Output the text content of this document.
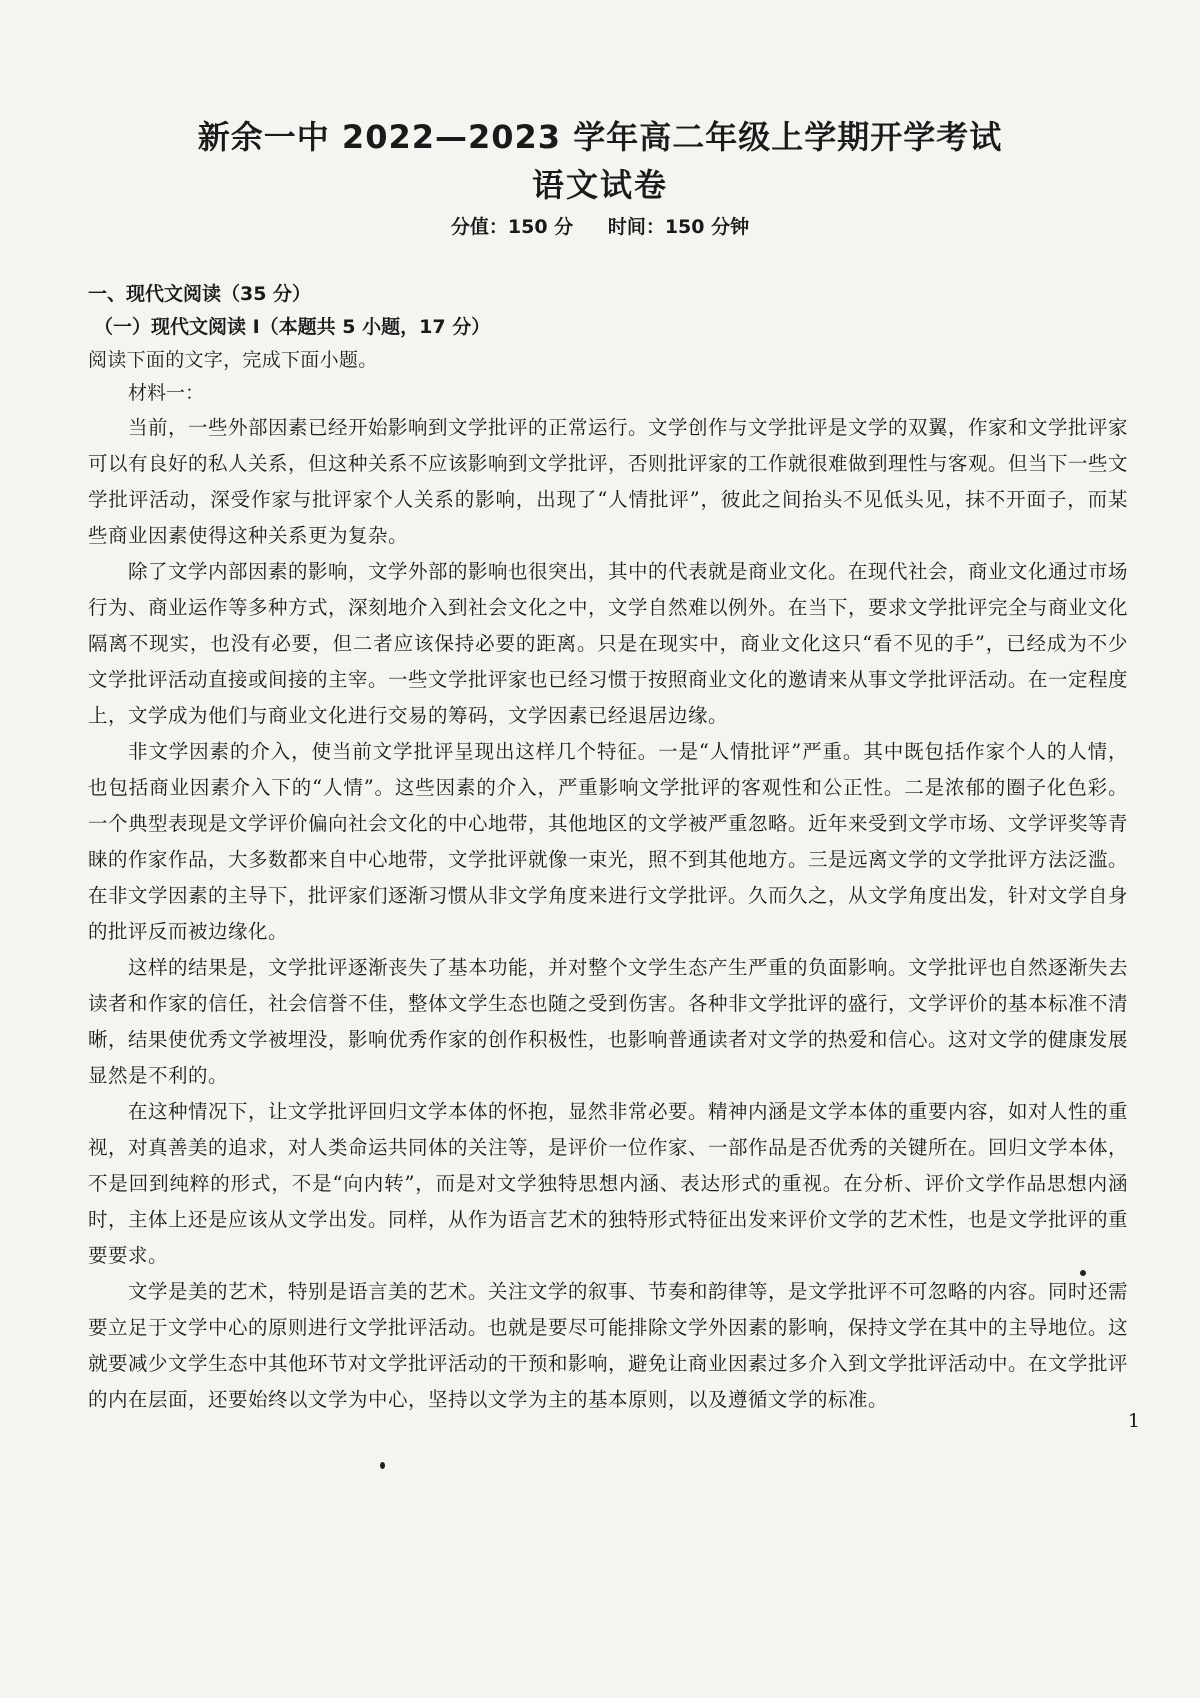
新余一中 2022—2023 学年高二年级上学期开学考试
语文试卷
分值：150 分 时间：150 分钟

一、现代文阅读（35 分）

（一）现代文阅读 I（本题共 5 小题，17 分）

阅读下面的文字，完成下面小题。

材料一：

当前，一些外部因素已经开始影响到文学批评的正常运行。文学创作与文学批评是文学的双翼，作家和文学批评家可以有良好的私人关系，但这种关系不应该影响到文学批评，否则批评家的工作就很难做到理性与客观。但当下一些文学批评活动，深受作家与批评家个人关系的影响，出现了“人情批评”，彼此之间抬头不见低头见，抹不开面子，而某些商业因素使得这种关系更为复杂。

除了文学内部因素的影响，文学外部的影响也很突出，其中的代表就是商业文化。在现代社会，商业文化通过市场行为、商业运作等多种方式，深刻地介入到社会文化之中，文学自然难以例外。在当下，要求文学批评完全与商业文化隔离不现实，也没有必要，但二者应该保持必要的距离。只是在现实中，商业文化这只“看不见的手”，已经成为不少文学批评活动直接或间接的主宰。一些文学批评家也已经习惯于按照商业文化的邀请来从事文学批评活动。在一定程度上，文学成为他们与商业文化进行交易的筹码，文学因素已经退居边缘。

非文学因素的介入，使当前文学批评呈现出这样几个特征。一是“人情批评”严重。其中既包括作家个人的人情，也包括商业因素介入下的“人情”。这些因素的介入，严重影响文学批评的客观性和公正性。二是浓郁的圈子化色彩。一个典型表现是文学评价偏向社会文化的中心地带，其他地区的文学被严重忽略。近年来受到文学市场、文学评奖等青睐的作家作品，大多数都来自中心地带，文学批评就像一束光，照不到其他地方。三是远离文学的文学批评方法泛滥。在非文学因素的主导下，批评家们逐渐习惯从非文学角度来进行文学批评。久而久之，从文学角度出发，针对文学自身的批评反而被边缘化。

这样的结果是，文学批评逐渐丧失了基本功能，并对整个文学生态产生严重的负面影响。文学批评也自然逐渐失去读者和作家的信任，社会信誉不佳，整体文学生态也随之受到伤害。各种非文学批评的盛行，文学评价的基本标准不清晰，结果使优秀文学被埋没，影响优秀作家的创作积极性，也影响普通读者对文学的热爱和信心。这对文学的健康发展显然是不利的。

在这种情况下，让文学批评回归文学本体的怀抱，显然非常必要。精神内涵是文学本体的重要内容，如对人性的重视，对真善美的追求，对人类命运共同体的关注等，是评价一位作家、一部作品是否优秀的关键所在。回归文学本体，不是回到纯粹的形式，不是“向内转”，而是对文学独特思想内涵、表达形式的重视。在分析、评价文学作品思想内涵时，主体上还是应该从文学出发。同样，从作为语言艺术的独特形式特征出发来评价文学的艺术性，也是文学批评的重要要求。

文学是美的艺术，特别是语言美的艺术。关注文学的叙事、节奏和韵律等，是文学批评不可忽略的内容。同时还需要立足于文学中心的原则进行文学批评活动。也就是要尽可能排除文学外因素的影响，保持文学在其中的主导地位。这就要减少文学生态中其他环节对文学批评活动的干预和影响，避免让商业因素过多介入到文学批评活动中。在文学批评的内在层面，还要始终以文学为中心，坚持以文学为主的基本原则，以及遵循文学的标准。

1
